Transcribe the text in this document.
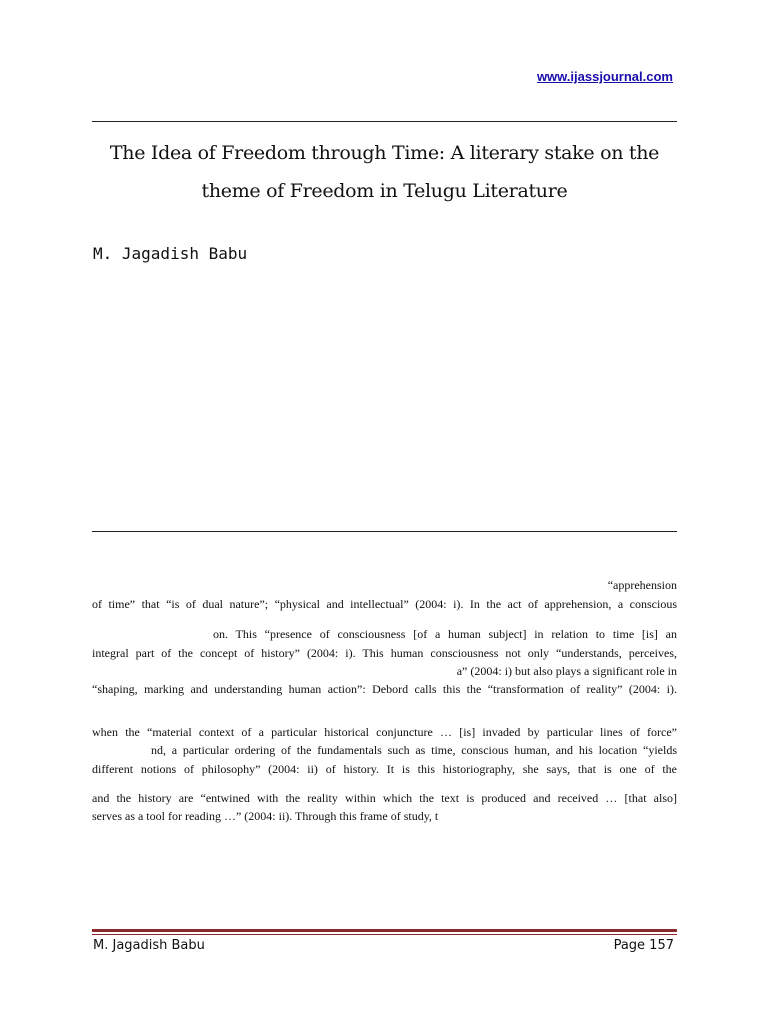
www.ijassjournal.com
The Idea of Freedom through Time: A literary stake on the
theme of Freedom in Telugu Literature
M. Jagadish Babu
“apprehension
of time” that “is of dual nature”; “physical and intellectual” (2004: i). In the act of apprehension, a conscious
on. This “presence of consciousness [of a human subject] in relation to time [is] an
integral part of the concept of history” (2004: i). This human consciousness not only “understands, perceives,
a” (2004: i) but also plays a significant role in
“shaping, marking and understanding human action”: Debord calls this the “transformation of reality” (2004: i).
when the “material context of a particular historical conjuncture … [is] invaded by particular lines of force”
nd, a particular ordering of the fundamentals such as time, conscious human, and his location “yields
different notions of philosophy” (2004: ii) of history. It is this historiography, she says, that is one of the
and the history are “entwined with the reality within which the text is produced and received … [that also]
serves as a tool for reading …” (2004: ii). Through this frame of study, t
M. Jagadish Babu	Page 157
